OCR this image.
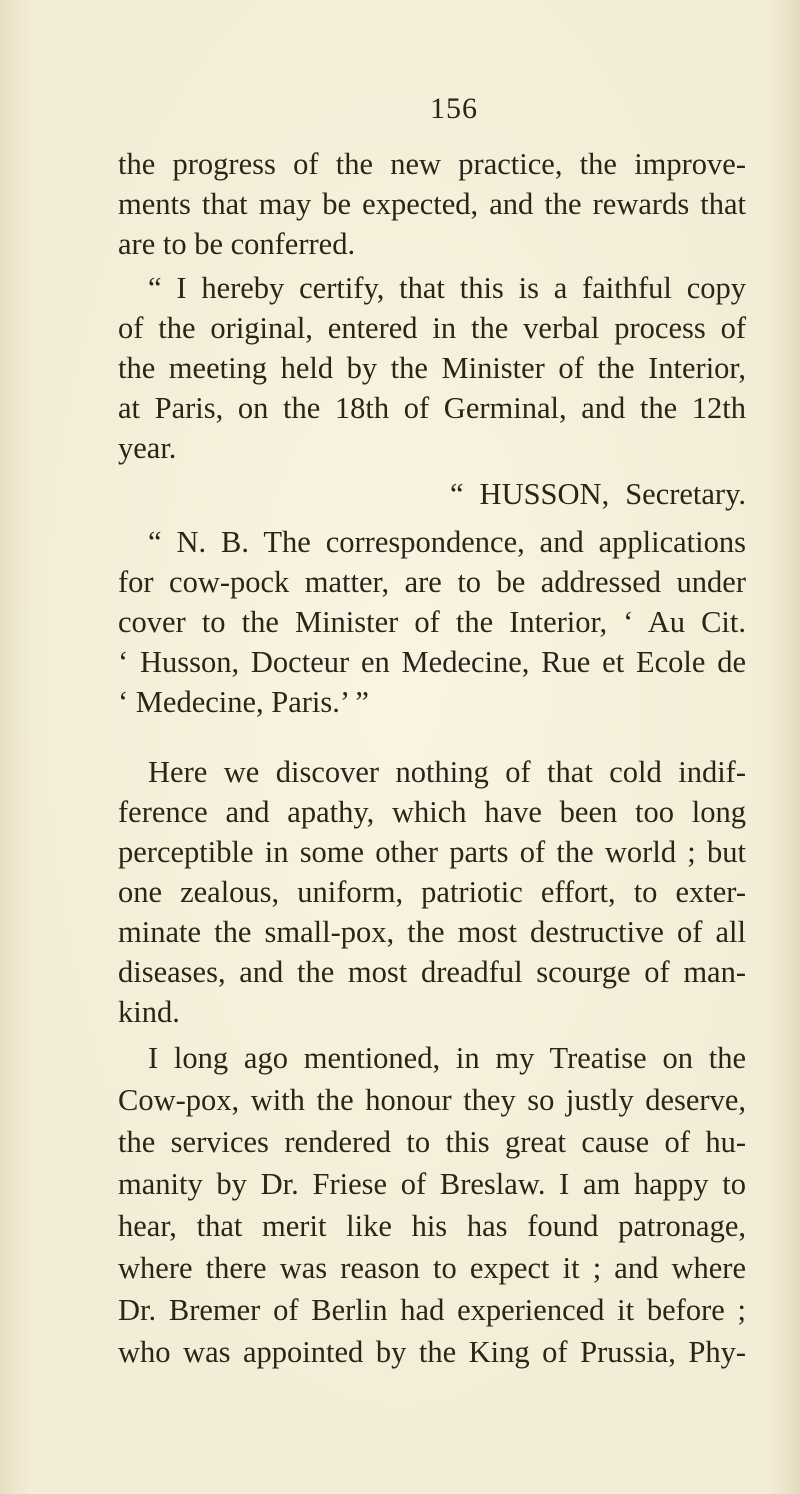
156
the progress of the new practice, the improve-
ments that may be expected, and the rewards that
are to be conferred.
“ I hereby certify, that this is a faithful copy
of the original, entered in the verbal process of
the meeting held by the Minister of the Interior,
at Paris, on the 18th of Germinal, and the 12th
year.
“ HUSSON, Secretary.
“ N. B. The correspondence, and applications
for cow-pock matter, are to be addressed under
cover to the Minister of the Interior, ‘ Au Cit.
‘ Husson, Docteur en Medecine, Rue et Ecole de
‘ Medecine, Paris.’ ”
Here we discover nothing of that cold indif-
ference and apathy, which have been too long
perceptible in some other parts of the world ; but
one zealous, uniform, patriotic effort, to exter-
minate the small-pox, the most destructive of all
diseases, and the most dreadful scourge of man-
kind.
I long ago mentioned, in my Treatise on the
Cow-pox, with the honour they so justly deserve,
the services rendered to this great cause of hu-
manity by Dr. Friese of Breslaw. I am happy to
hear, that merit like his has found patronage,
where there was reason to expect it ; and where
Dr. Bremer of Berlin had experienced it before ;
who was appointed by the King of Prussia, Phy-
